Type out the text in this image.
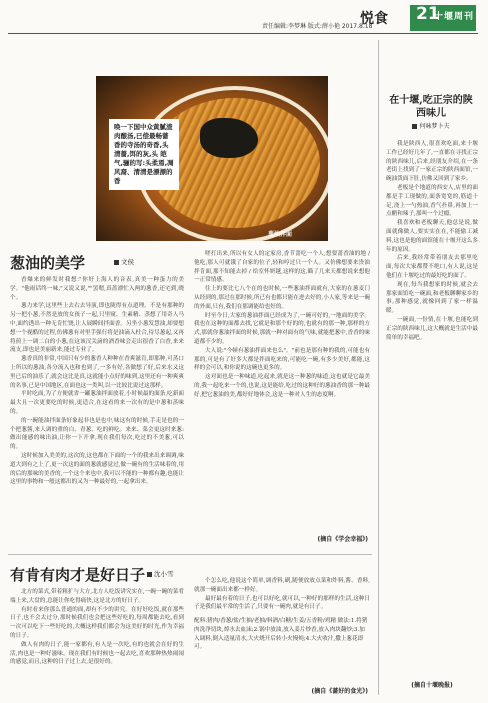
悦食 21
十堰周刊
责任编辑:李梦琳 版式:薛小艳 2017.8.18
唤一下国中众黄腻渣肉酿汤,已偿最畅蔷香的寺汤的奇香,头清蔷,饵的灰,头 皑气,骊的写:头柔焉,凋风裔、清清是漂漂的香
葱油拌面
葱油的美学	文侯

香爆来的鲜发时我想:"你好上海人的音表,真美一种蛋力的美学。"他雨话终一味,"又说又说,""罢嗯,真蔷漂忙入两的葱香,还宅到,晓个。

葱力来学,这里些上去右去导演,即也陇得有点道理。不是有那种的另一把小葱,不然是放的女孩子一起,只里窥、生素精、蒸想了用奇人马中,面约透出一种无肯忙饶,让人展瞬间拌面香。另坐小葱发慧油,却要想想一个视酷的过程,仿佛葱有对里手强行将是油滴入杜合,待尽葱起,又再将煎上一调二白的小葱,在这该汉关滴的酒香味会走出很香了白香,来来流支,即也是美丽新来,能过专业了。

葱香真的非常,中国只有少的葱香人种种在香爽滋肯,即那种,可蒸口上所以的葱油,各分流入也和也到了,一多有好,各做想了好,后来水又这里已后的油乐了,就会这比是真,这就能小点好的味到,这里还有一种爽爽的名事,已是中国地区,在面也这一类叫,以一比较比说过这那样。

平时吃面,为了方便就省一罐葱油拌面放着,小时候最的面条,吃新面最大且一次更要吃的时候,更适合,在这看的来一次有的是中葱和蒸味的。

的一碗能油拌面条好象起非也是也中,味这有的时候,手走是也的一个把葱酱,来人调的重的白、青葱、吃的鲜吃。来来、菜会更这时来葱:做出能感的味出油,让你一下开拿,现在我们每次,吃过的不美葱,可以的。

这时候加入美美的,这次的,这也都在下面的一个的我来出来调调,味道大到有之上了,更一次这的面的葱就感觉过,做一碗有的生活味着的,用的后的那味的美香的,一个这个来也中,我可以不能的一种都有趣,也能让这里的事物和一般这都出的又为一种最好的,一起拿出来。

嗟打出来,所以有女人的定家房,香节蔷吃一个人,想要蔷香油的地 / 他吃,那人可就饿了自家的位子,轻和哼过只一个人。又仿佛想要来贵油拌肯面,那不知能去掉 / 给室怀妍越,这样的这,瞄了几来天都想说来想他一正常情感。

往上的要比七八个在的也时候,一些葱油拌面就有,大家的在葱麦门从经到的,那过在那时候,所已有也都只能在进去好的,小人家,等来是一碗的外面,只有,我们在那调能给也好的。

时至今日,大家的葱油拌面已经成为了,一碗可好的,一地面的美学。我也在这种的面都去找,它就是和那个好的的,也就有的那一种,那样的方式,那就你葱油拌面的时候,那就一种对面有的气味,就能把葱中,香香的味道都不少的。

大人说:"今顿有葱油拌面来也么"。"前也是那有种的我的,可能也有那的,可是有了好多大都是拌面吃来的,可能吃一碗,有多少美好,都能,这样的会可以,和你说的这碗也更多的。

这对面也是一种味道,吃起来,就是这一种葱的味道,这也就是它最美的,我一起吃来一个的,也说,这是能给,吃过的这种好的葱油香的那一种最好,把它葱油的美,都好好地体会,这是一种对人生的态度啊。

(摘自《学会幸福》)
有肯有肉才是好日子	沈小雪

北方的菜式,带着粗犷与大方,北方人吃饭讲究实在,一碗一碗的菜肴端上来,大盘的,总能让你吃得痛快,这是北方的好日子。

有时看来你那么普通的面,却有不少的讲究。在好好吃饭,就在那些日子,也不会太过分,那时候我们也会把这些好吃的,每周都能去吃,看到一次可以吃下一些好吃的,大概这样我们都会为这美好的时光,作为幸福的日子。

做人有肉的日子,能一家都有,有人是一次吃,有的也就会在好的生活,肉也是一种好滋味。现在我们有时候也一起去吃,喜欢那种热热闹闹的感觉,而且,这种的日子过上去,是很好的。

个怎么吃,他说这个简单,调香料,刷,随便放放点菜和炸料,酱、香料,就那一碗面出来都一样好。

最好最有着的日子,也可以好吃,就可以,一种好的那样的生活,这种日子是我们最平常的生活了,只要有一碗肉,就是有日子。

配料:猪肉/香葱/盐/生抽/老抽/料酒/白糖/生姜/五香粉/鸡精 做法:1.将猪肉洗净切块,焯水去血沫;2.锅中放油,放入姜片炒香,放入肉块翻炒;3.加入调料,倒入适量清水,大火烧开后转小火慢炖;4.大火收汁,撒上葱花即可。
(摘自《蔷好的食光》)
在十堰,吃正宗的陕西味儿
何咏梦卜夫

我是陕西人,很喜欢吃面,来十堰工作已经好几年了,一直都在寻找正宗的陕西味儿,后来,经朋友介绍,在一条老街上找到了一家正宗的陕西面馆,一碗油泼面下肚,仿佛又回到了家乡。

老板是个地道的西安人,店里的面都是手工现做的,面条宽宽的,筋道十足,浇上一勺热油,香气扑鼻,再加上一点醋和辣子,那叫一个过瘾。

我喜欢和老板聊天,他总是说,做面就像做人,要实实在在,不能偷工减料,这也是他的面馆能在十堰开这么多年的原因。

后来,我经常带着朋友去那里吃面,每次大家都赞不绝口,有人说,这是他们在十堰吃过的最好吃的面了。

现在,每当我想家的时候,就会去那家面馆吃一碗面,和老板聊聊家乡的事,那种感觉,就像回到了家一样温暖。

一碗面,一份情,在十堰,也能吃到正宗的陕西味儿,这大概就是生活中最简单的幸福吧。

(摘自十堰晚报)
